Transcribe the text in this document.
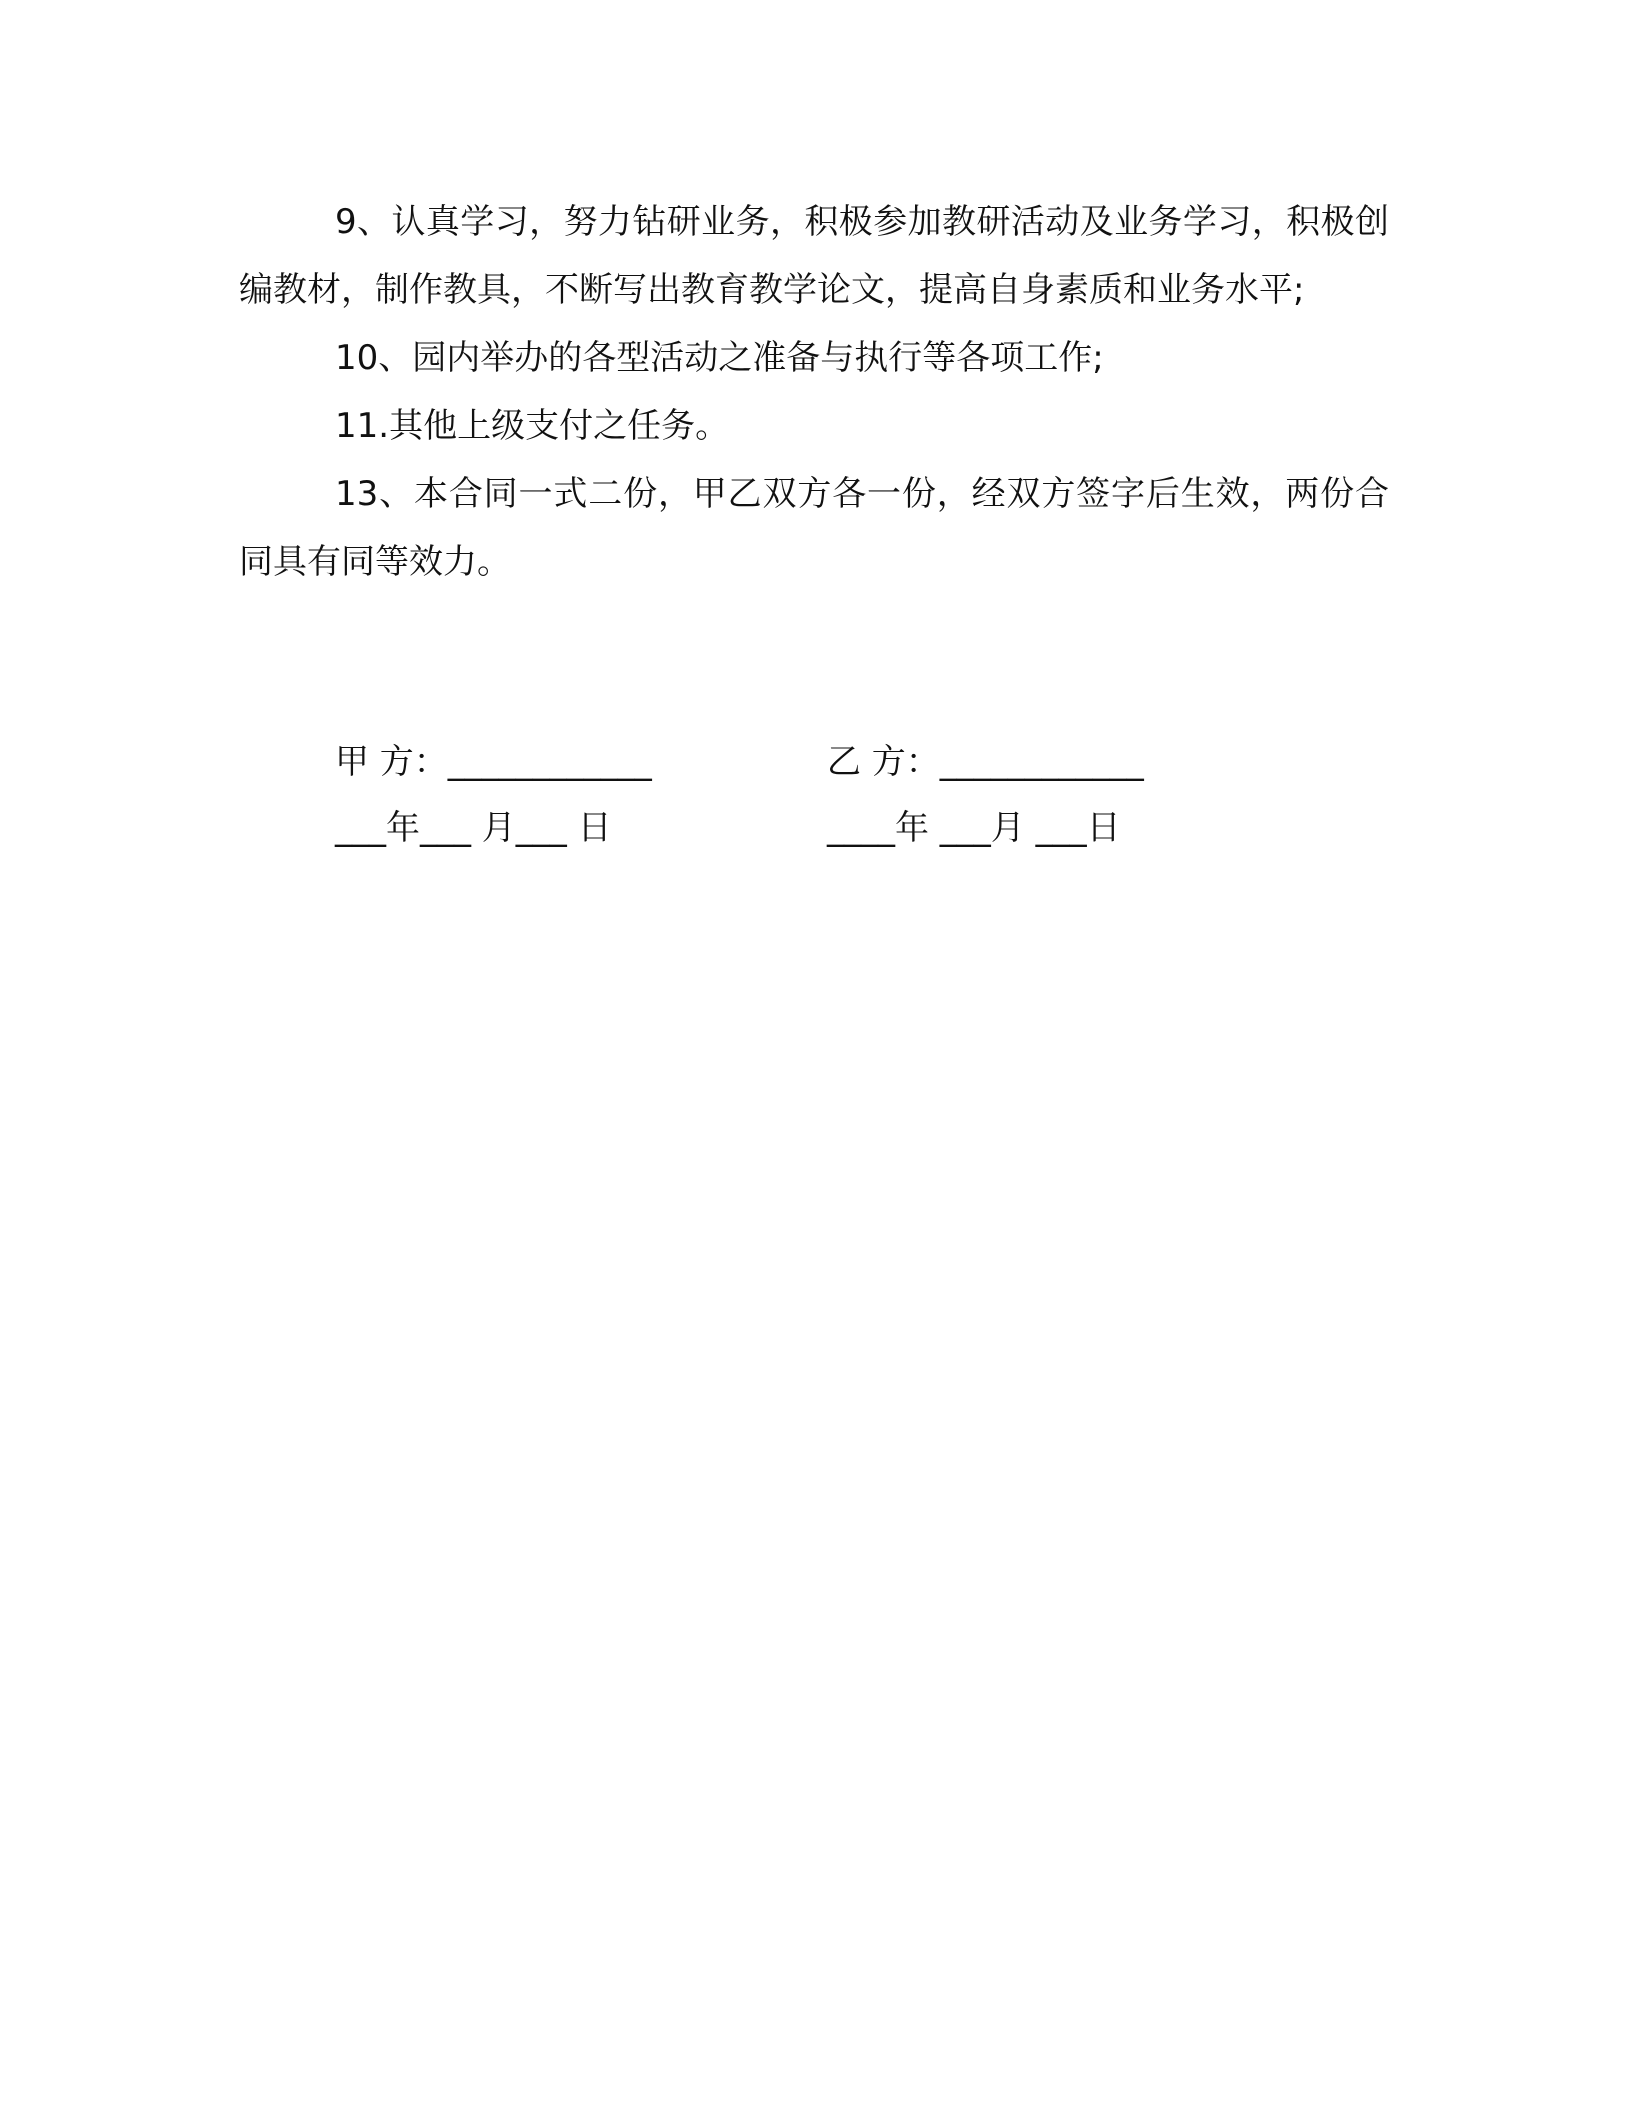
9、认真学习，努力钻研业务，积极参加教研活动及业务学习，积极创编教材，制作教具，不断写出教育教学论文，提高自身素质和业务水平;

10、园内举办的各型活动之准备与执行等各项工作;

11.其他上级支付之任务。

13、本合同一式二份，甲乙双方各一份，经双方签字后生效，两份合同具有同等效力。

甲 方：____________	乙 方：____________
___年___ 月___ 日	____年 ___月 ___日
